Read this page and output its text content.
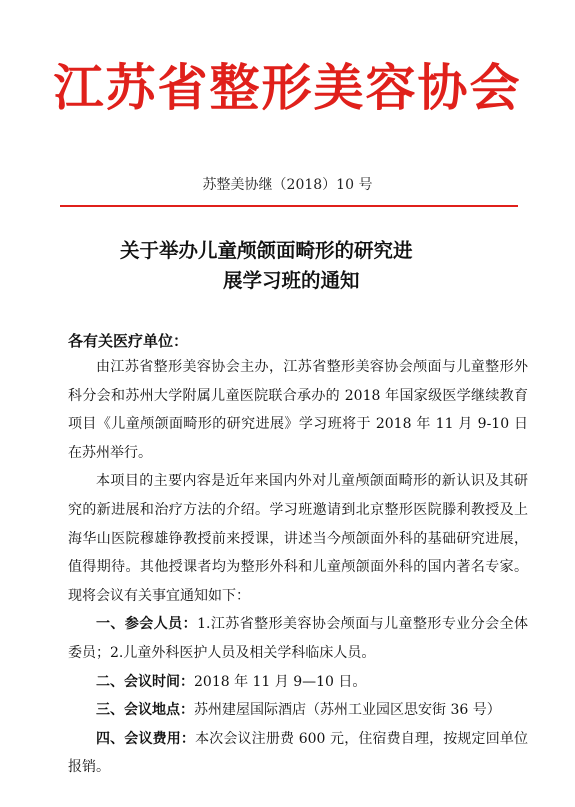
江苏省整形美容协会
苏整美协继（2018）10 号
关于举办儿童颅颌面畸形的研究进
展学习班的通知
各有关医疗单位：

由江苏省整形美容协会主办，江苏省整形美容协会颅面与儿童整形外科分会和苏州大学附属儿童医院联合承办的 2018 年国家级医学继续教育项目《儿童颅颌面畸形的研究进展》学习班将于 2018 年 11 月 9-10 日在苏州举行。

本项目的主要内容是近年来国内外对儿童颅颌面畸形的新认识及其研究的新进展和治疗方法的介绍。学习班邀请到北京整形医院滕利教授及上海华山医院穆雄铮教授前来授课，讲述当今颅颌面外科的基础研究进展，值得期待。其他授课者均为整形外科和儿童颅颌面外科的国内著名专家。现将会议有关事宜通知如下：

一、参会人员：1.江苏省整形美容协会颅面与儿童整形专业分会全体委员；2.儿童外科医护人员及相关学科临床人员。

二、会议时间：2018 年 11 月 9—10 日。

三、会议地点：苏州建屋国际酒店（苏州工业园区思安街 36 号）

四、会议费用：本次会议注册费 600 元，住宿费自理，按规定回单位报销。
